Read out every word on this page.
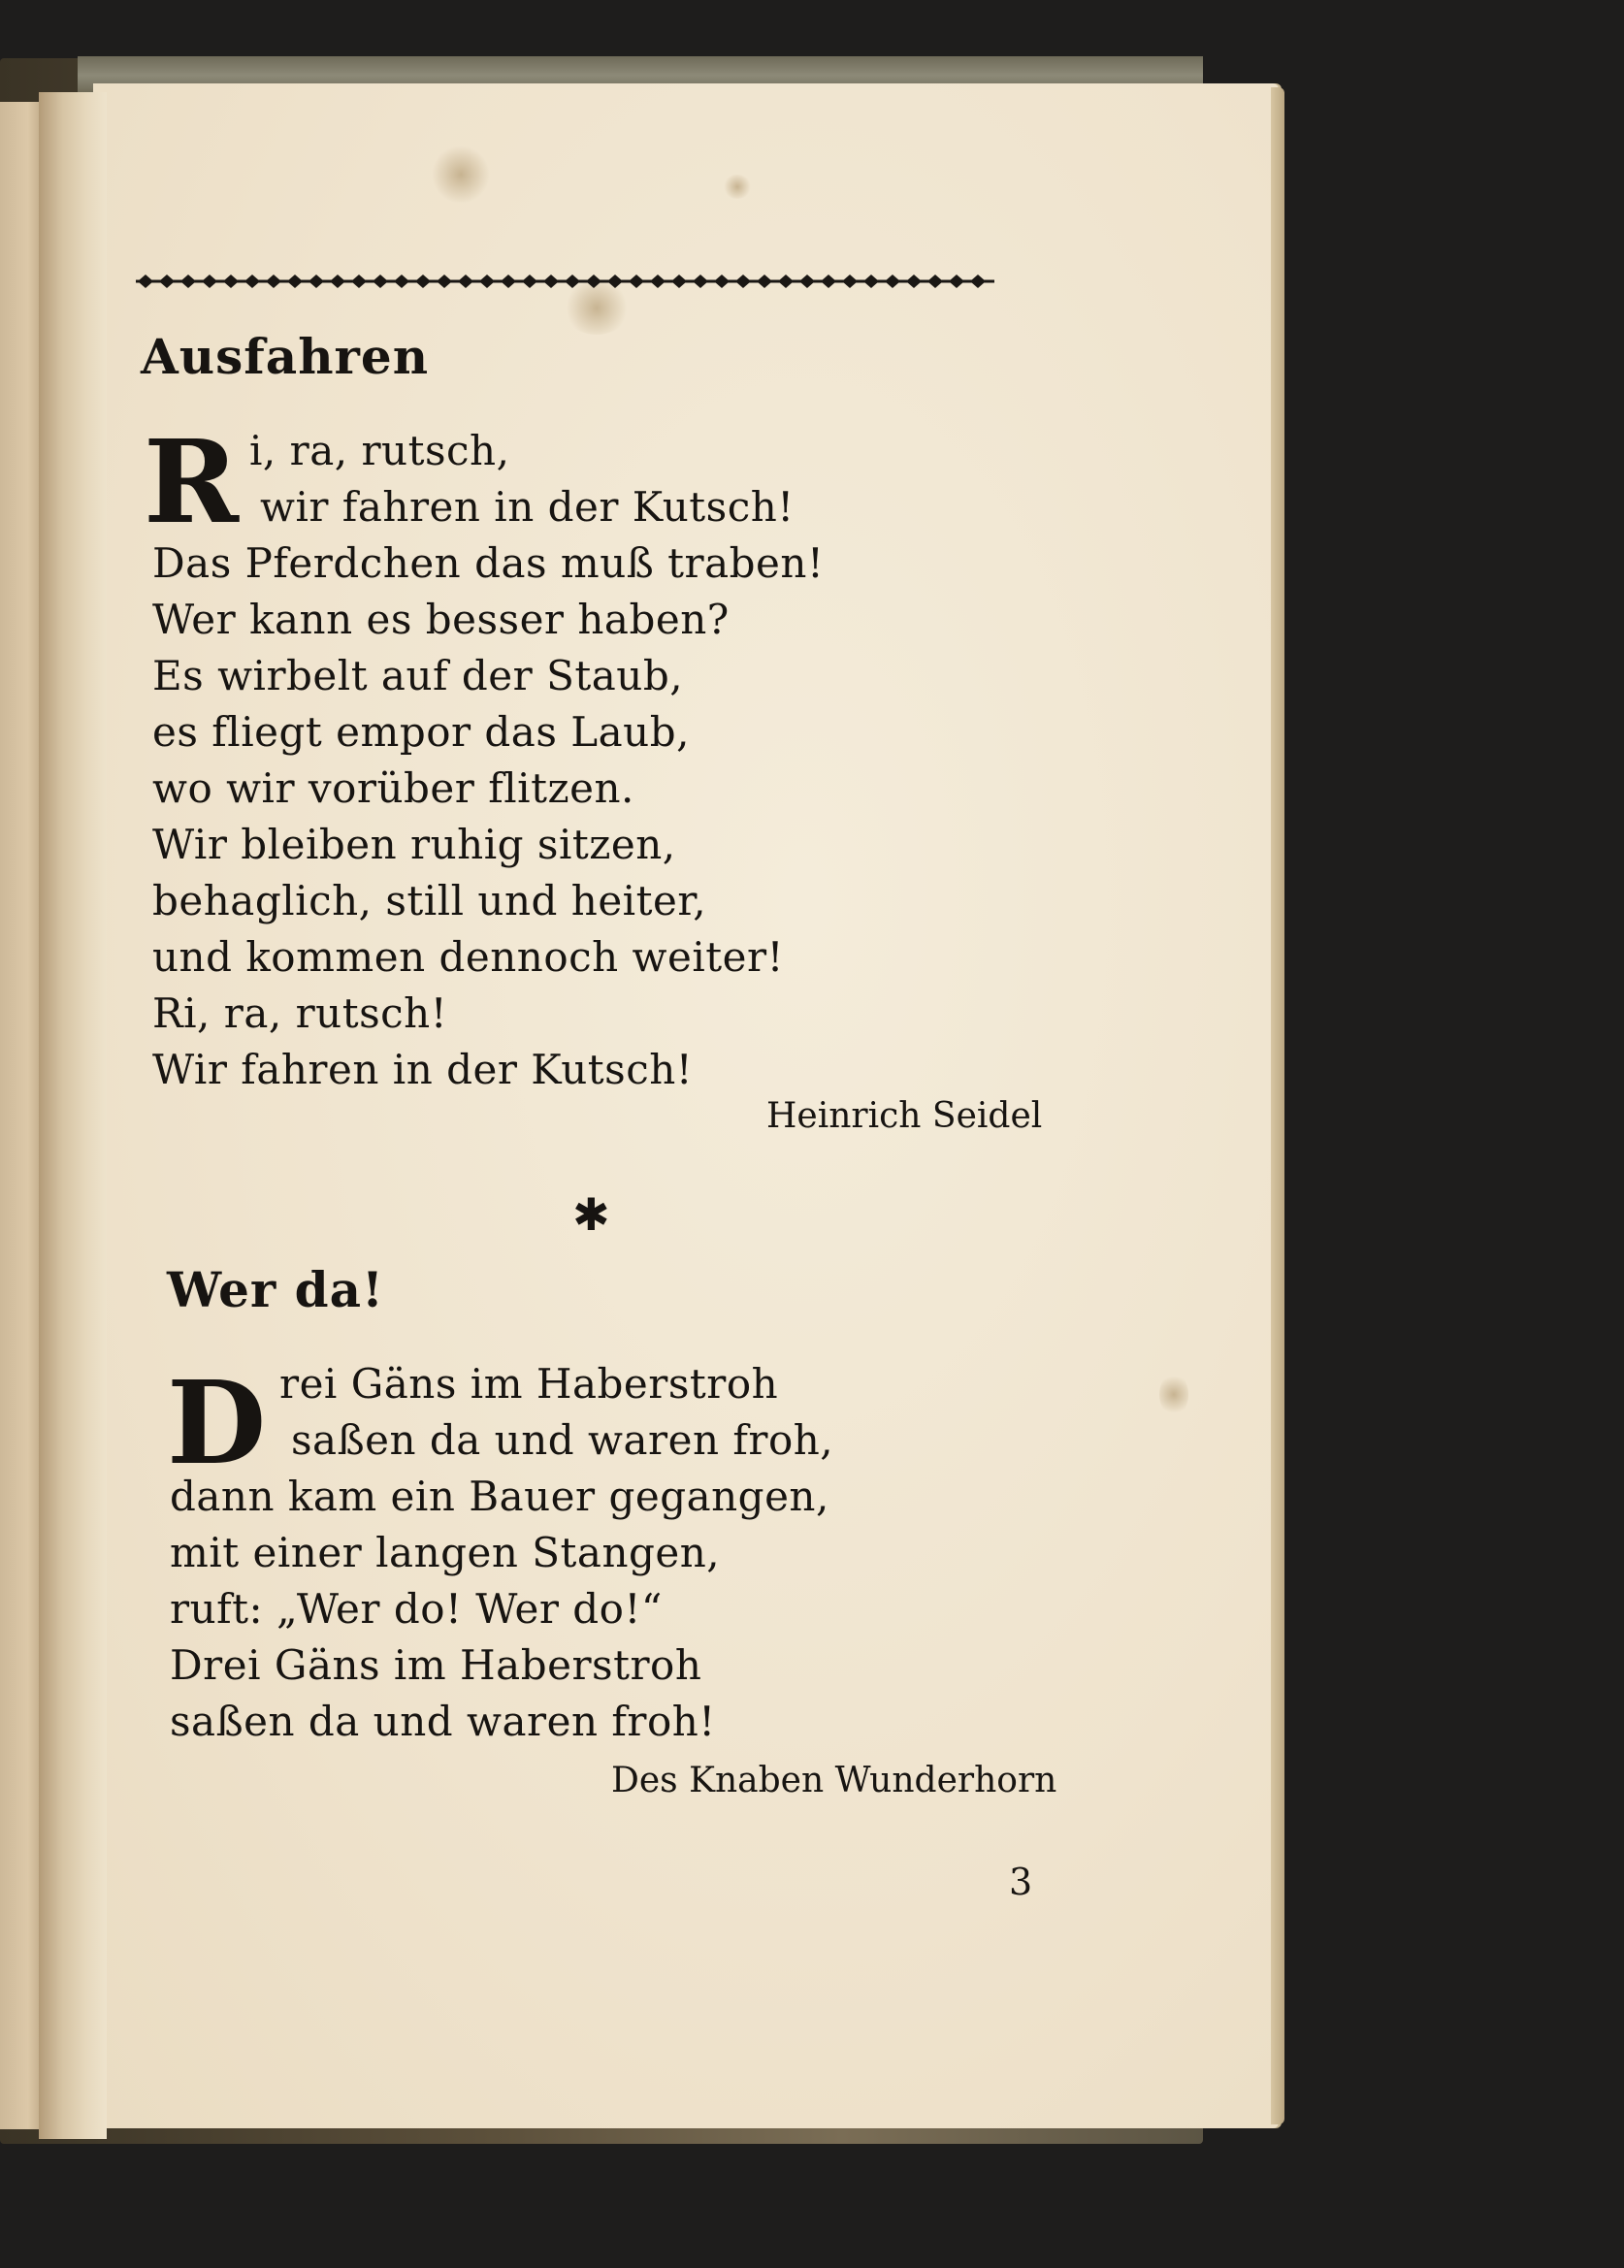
Ausfahren
R i, ra, rutsch,
wir fahren in der Kutsch!
Das Pferdchen das muß traben!
Wer kann es besser haben?
Es wirbelt auf der Staub,
es fliegt empor das Laub,
wo wir vorüber flitzen.
Wir bleiben ruhig sitzen,
behaglich, still und heiter,
und kommen dennoch weiter!
Ri, ra, rutsch!
Wir fahren in der Kutsch!
Heinrich Seidel
✱
Wer da!
D rei Gäns im Haberstroh
saßen da und waren froh,
dann kam ein Bauer gegangen,
mit einer langen Stangen,
ruft: „Wer do! Wer do!“
Drei Gäns im Haberstroh
saßen da und waren froh!
Des Knaben Wunderhorn
3
